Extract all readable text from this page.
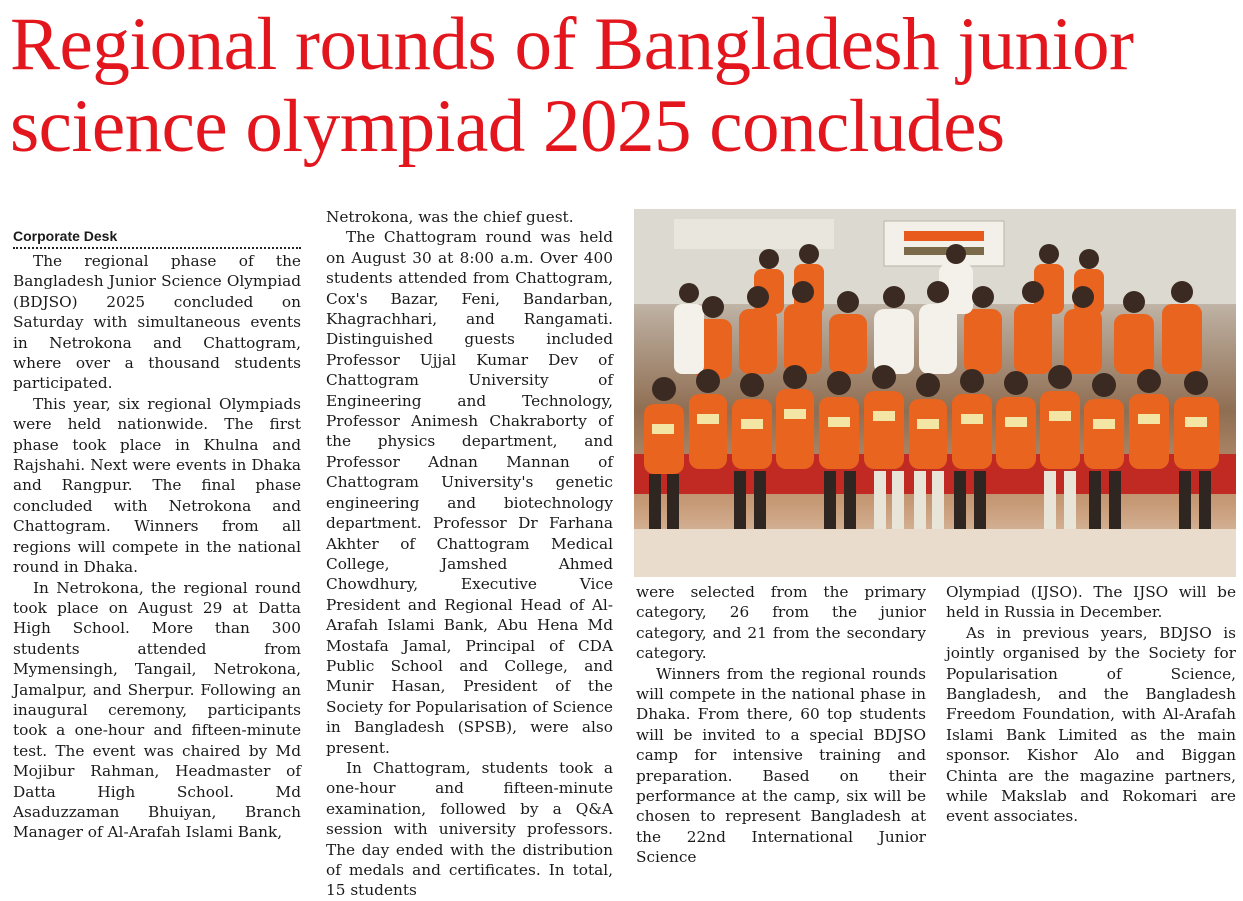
Regional rounds of Bangladesh junior
science olympiad 2025 concludes
Corporate Desk

The regional phase of the Bangladesh Junior Science Olympiad (BDJSO) 2025 concluded on Saturday with simultaneous events in Netrokona and Chattogram, where over a thousand students participated.

This year, six regional Olympiads were held nationwide. The first phase took place in Khulna and Rajshahi. Next were events in Dhaka and Rangpur. The final phase concluded with Netrokona and Chattogram. Winners from all regions will compete in the national round in Dhaka.

In Netrokona, the regional round took place on August 29 at Datta High School. More than 300 students attended from Mymensingh, Tangail, Netrokona, Jamalpur, and Sherpur. Following an inaugural ceremony, participants took a one-hour and fifteen-minute test. The event was chaired by Md Mojibur Rahman, Headmaster of Datta High School. Md Asaduzzaman Bhuiyan, Branch Manager of Al-Arafah Islami Bank,

Netrokona, was the chief guest.

The Chattogram round was held on August 30 at 8:00 a.m. Over 400 students attended from Chattogram, Cox's Bazar, Feni, Bandarban, Khagrachhari, and Rangamati. Distinguished guests included Professor Ujjal Kumar Dev of Chattogram University of Engineering and Technology, Professor Animesh Chakraborty of the physics department, and Professor Adnan Mannan of Chattogram University's genetic engineering and biotechnology department. Professor Dr Farhana Akhter of Chattogram Medical College, Jamshed Ahmed Chowdhury, Executive Vice President and Regional Head of Al-Arafah Islami Bank, Abu Hena Md Mostafa Jamal, Principal of CDA Public School and College, and Munir Hasan, President of the Society for Popularisation of Science in Bangladesh (SPSB), were also present.

In Chattogram, students took a one-hour and fifteen-minute examination, followed by a Q&A session with university professors. The day ended with the distribution of medals and certificates. In total, 15 students

were selected from the primary category, 26 from the junior category, and 21 from the secondary category.

Winners from the regional rounds will compete in the national phase in Dhaka. From there, 60 top students will be invited to a special BDJSO camp for intensive training and preparation. Based on their performance at the camp, six will be chosen to represent Bangladesh at the 22nd International Junior Science

Olympiad (IJSO). The IJSO will be held in Russia in December.

As in previous years, BDJSO is jointly organised by the Society for Popularisation of Science, Bangladesh, and the Bangladesh Freedom Foundation, with Al-Arafah Islami Bank Limited as the main sponsor. Kishor Alo and Biggan Chinta are the magazine partners, while Makslab and Rokomari are event associates.
